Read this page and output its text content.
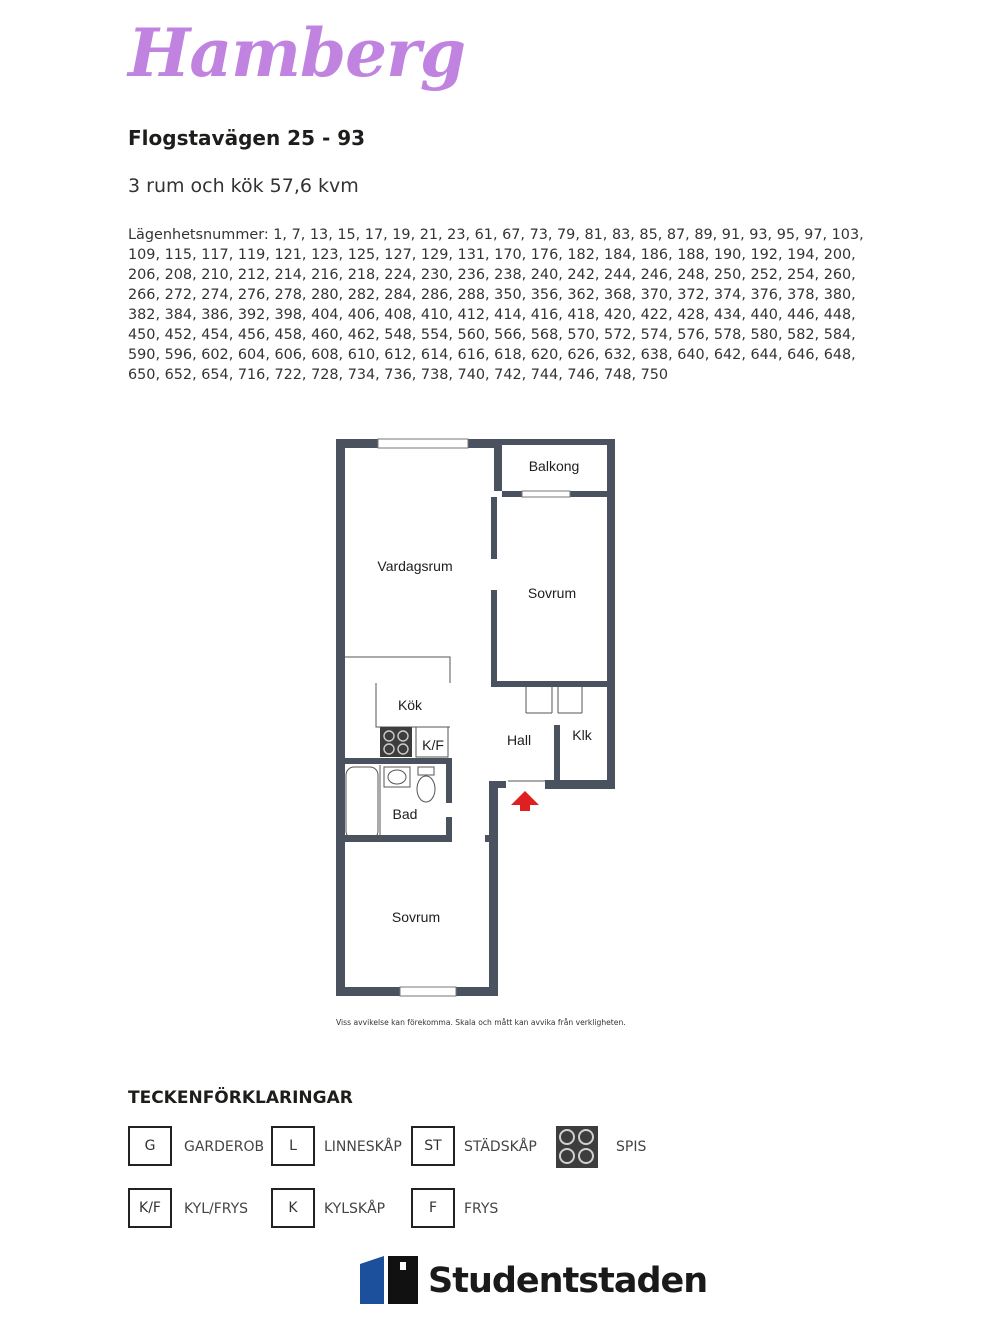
Hamberg
Flogstavägen 25 - 93
3 rum och kök 57,6 kvm
Lägenhetsnummer: 1, 7, 13, 15, 17, 19, 21, 23, 61, 67, 73, 79, 81, 83, 85, 87, 89, 91, 93, 95, 97, 103, 109, 115, 117, 119, 121, 123, 125, 127, 129, 131, 170, 176, 182, 184, 186, 188, 190, 192, 194, 200, 206, 208, 210, 212, 214, 216, 218, 224, 230, 236, 238, 240, 242, 244, 246, 248, 250, 252, 254, 260, 266, 272, 274, 276, 278, 280, 282, 284, 286, 288, 350, 356, 362, 368, 370, 372, 374, 376, 378, 380, 382, 384, 386, 392, 398, 404, 406, 408, 410, 412, 414, 416, 418, 420, 422, 428, 434, 440, 446, 448, 450, 452, 454, 456, 458, 460, 462, 548, 554, 560, 566, 568, 570, 572, 574, 576, 578, 580, 582, 584, 590, 596, 602, 604, 606, 608, 610, 612, 614, 616, 618, 620, 626, 632, 638, 640, 642, 644, 646, 648, 650, 652, 654, 716, 722, 728, 734, 736, 738, 740, 742, 744, 746, 748, 750
Balkong
Vardagsrum
Sovrum
Kök
K/F	Hall	Klk
Bad
Sovrum
Viss avvikelse kan förekomma. Skala och mått kan avvika från verkligheten.
TECKENFÖRKLARINGAR
G	GARDEROB	L	LINNESKÅP	ST	STÄDSKÅP	SPIS
K/F	KYL/FRYS	K	KYLSKÅP	F	FRYS
Studentstaden
